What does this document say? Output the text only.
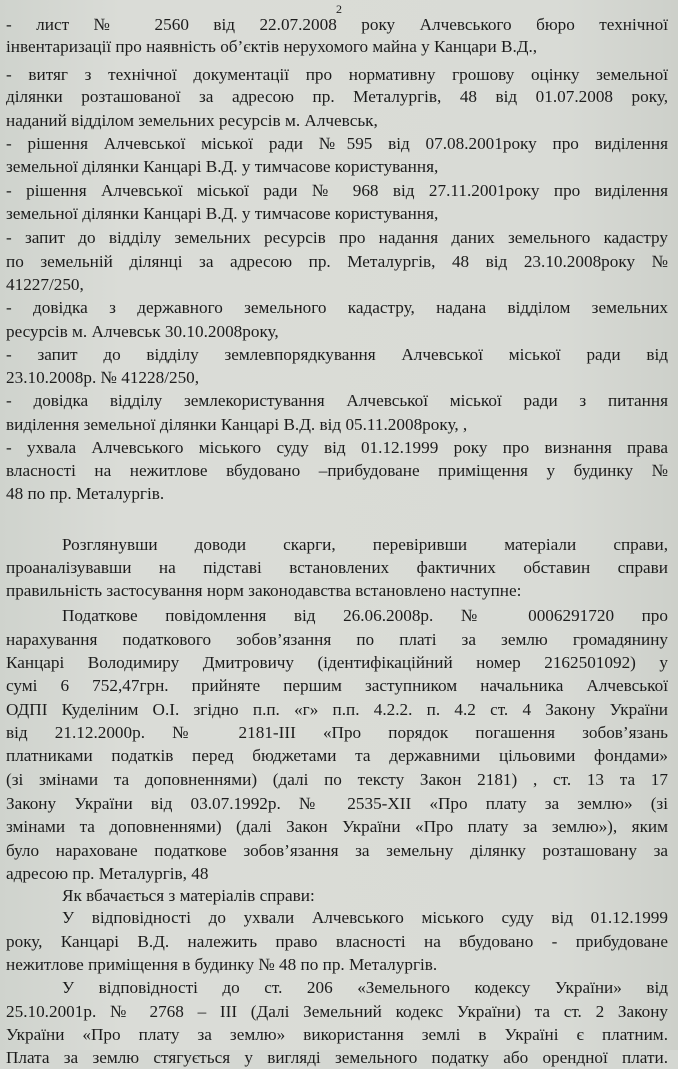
2
- лист № 2560 від 22.07.2008 року Алчевського бюро технічної
інвентаризації про наявність об’єктів нерухомого майна у Канцари В.Д.,
- витяг з технічної документації про нормативну грошову оцінку земельної
ділянки розташованої за адресою пр. Металургів, 48 від 01.07.2008 року,
наданий відділом земельних ресурсів м. Алчевськ,
- рішення Алчевської міської ради №595 від 07.08.2001року про виділення
земельної ділянки Канцарі В.Д. у тимчасове користування,
- рішення Алчевської міської ради № 968 від 27.11.2001року про виділення
земельної ділянки Канцарі В.Д. у тимчасове користування,
- запит до відділу земельних ресурсів про надання даних земельного кадастру
по земельній ділянці за адресою пр. Металургів, 48 від 23.10.2008року №
41227/250,
- довідка з державного земельного кадастру, надана відділом земельних
ресурсів м. Алчевськ 30.10.2008року,
- запит до відділу землевпорядкування Алчевської міської ради від
23.10.2008р. № 41228/250,
- довідка відділу землекористування Алчевської міської ради з питання
виділення земельної ділянки Канцарі В.Д. від 05.11.2008року, ,
- ухвала Алчевського міського суду від 01.12.1999 року про визнання права
власності на нежитлове вбудовано –прибудоване приміщення у будинку №
48 по пр. Металургів.
Розглянувши доводи скарги, перевіривши матеріали справи,
проаналізувавши на підставі встановлених фактичних обставин справи
правильність застосування норм законодавства встановлено наступне:
Податкове повідомлення від 26.06.2008р. № 0006291720 про
нарахування податкового зобов’язання по платі за землю громадянину
Канцарі Володимиру Дмитровичу (ідентифікаційний номер 2162501092) у
сумі 6 752,47грн. прийняте першим заступником начальника Алчевської
ОДПІ Куделіним О.І. згідно п.п. «г» п.п. 4.2.2. п. 4.2 ст. 4 Закону України
від 21.12.2000р. № 2181-ІІІ «Про порядок погашення зобов’язань
платниками податків перед бюджетами та державними цільовими фондами»
(зі змінами та доповненнями) (далі по тексту Закон 2181) , ст. 13 та 17
Закону України від 03.07.1992р. № 2535-ХІІ «Про плату за землю» (зі
змінами та доповненнями) (далі Закон України «Про плату за землю»), яким
було нараховане податкове зобов’язання за земельну ділянку розташовану за
адресою пр. Металургів, 48
Як вбачається з матеріалів справи:
У відповідності до ухвали Алчевського міського суду від 01.12.1999
року, Канцарі В.Д. належить право власності на вбудовано - прибудоване
нежитлове приміщення в будинку № 48 по пр. Металургів.
У відповідності до ст. 206 «Земельного кодексу України» від
25.10.2001р. № 2768 – ІІІ (Далі Земельний кодекс України) та ст. 2 Закону
України «Про плату за землю» використання землі в Україні є платним.
Плата за землю стягується у вигляді земельного податку або орендної плати.
